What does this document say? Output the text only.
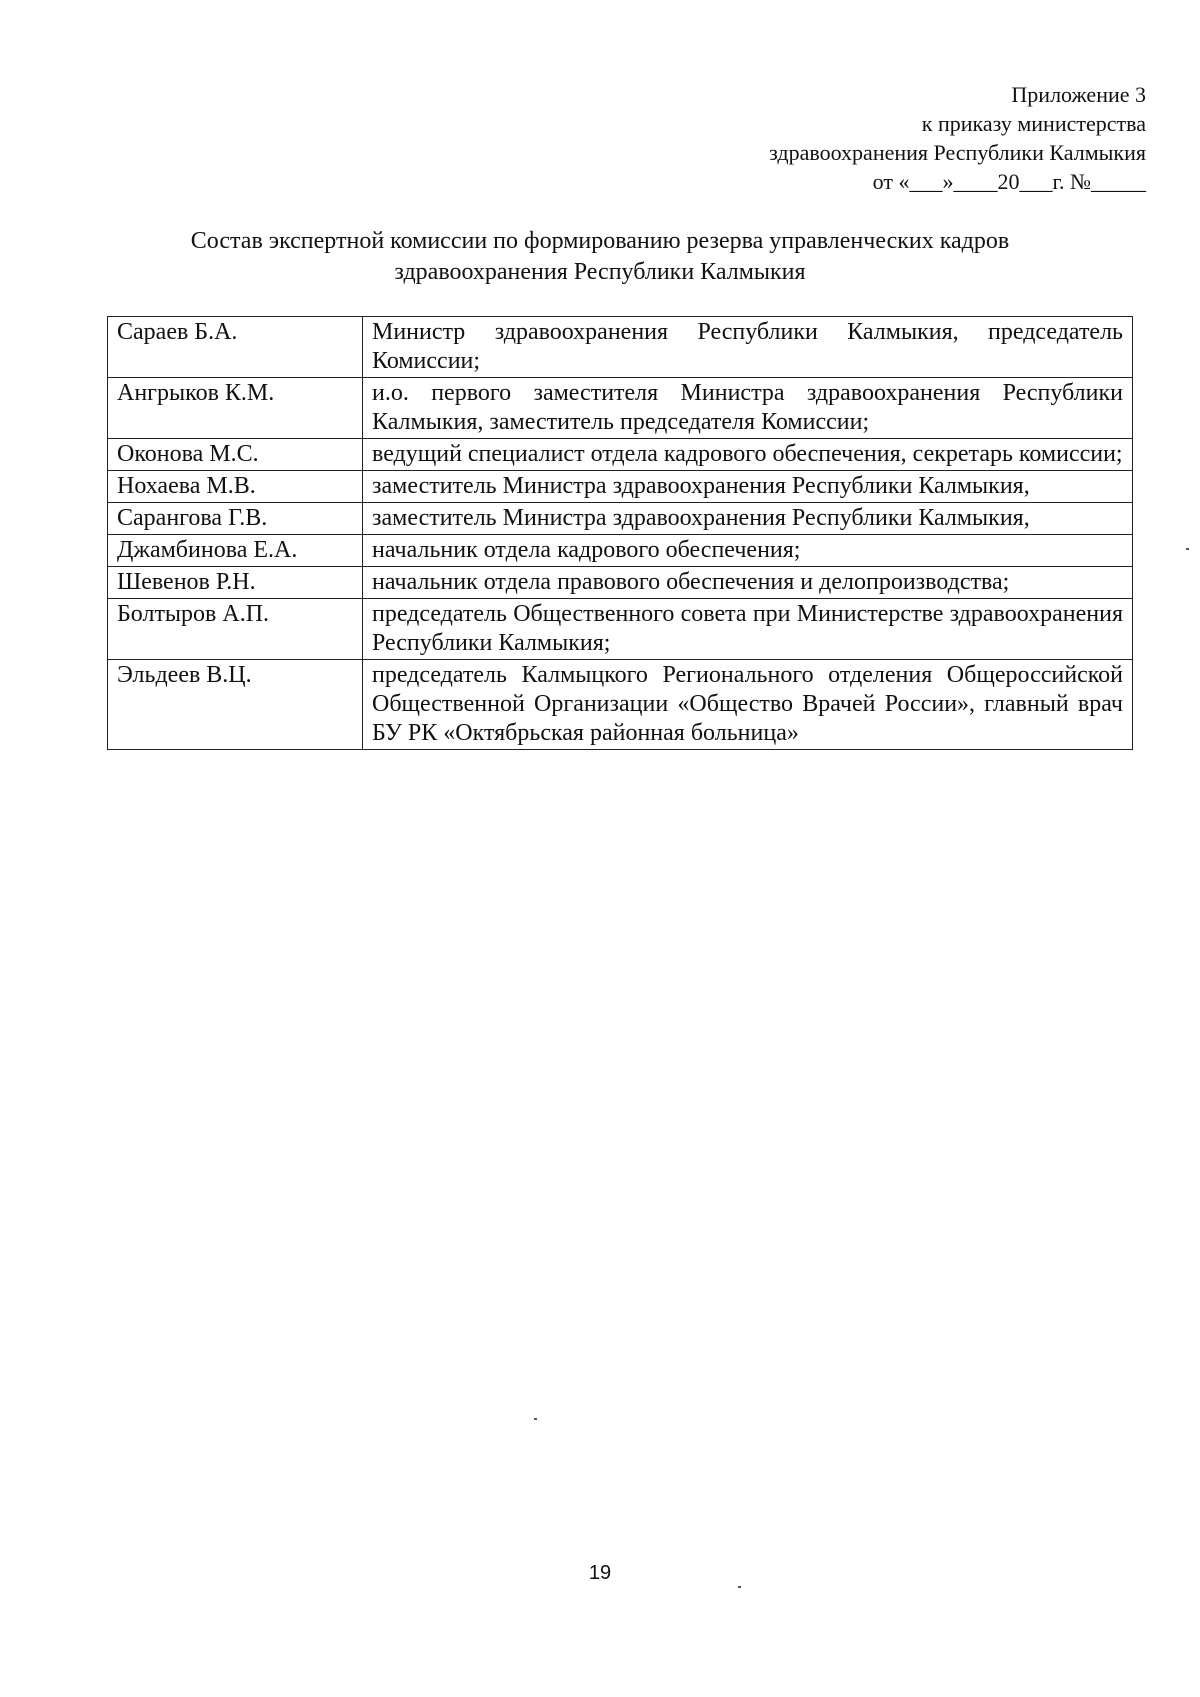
Приложение 3
к приказу министерства
здравоохранения Республики Калмыкия
от «___»____20___г. №_____
Состав экспертной комиссии по формированию резерва управленческих кадров
здравоохранения Республики Калмыкия
Сараев Б.А.	Министр здравоохранения Республики Калмыкия, председатель Комиссии;
Ангрыков К.М.	и.о. первого заместителя Министра здравоохранения Республики Калмыкия, заместитель председателя Комиссии;
Оконова М.С.	ведущий специалист отдела кадрового обеспечения, секретарь комиссии;
Нохаева М.В.	заместитель Министра здравоохранения Республики Калмыкия,
Сарангова Г.В.	заместитель Министра здравоохранения Республики Калмыкия,
Джамбинова Е.А.	начальник отдела кадрового обеспечения;
Шевенов Р.Н.	начальник отдела правового обеспечения и делопроизводства;
Болтыров А.П.	председатель Общественного совета при Министерстве здравоохранения Республики Калмыкия;
Эльдеев В.Ц.	председатель Калмыцкого Регионального отделения Общероссийской Общественной Организации «Общество Врачей России», главный врач БУ РК «Октябрьская районная больница»
19
